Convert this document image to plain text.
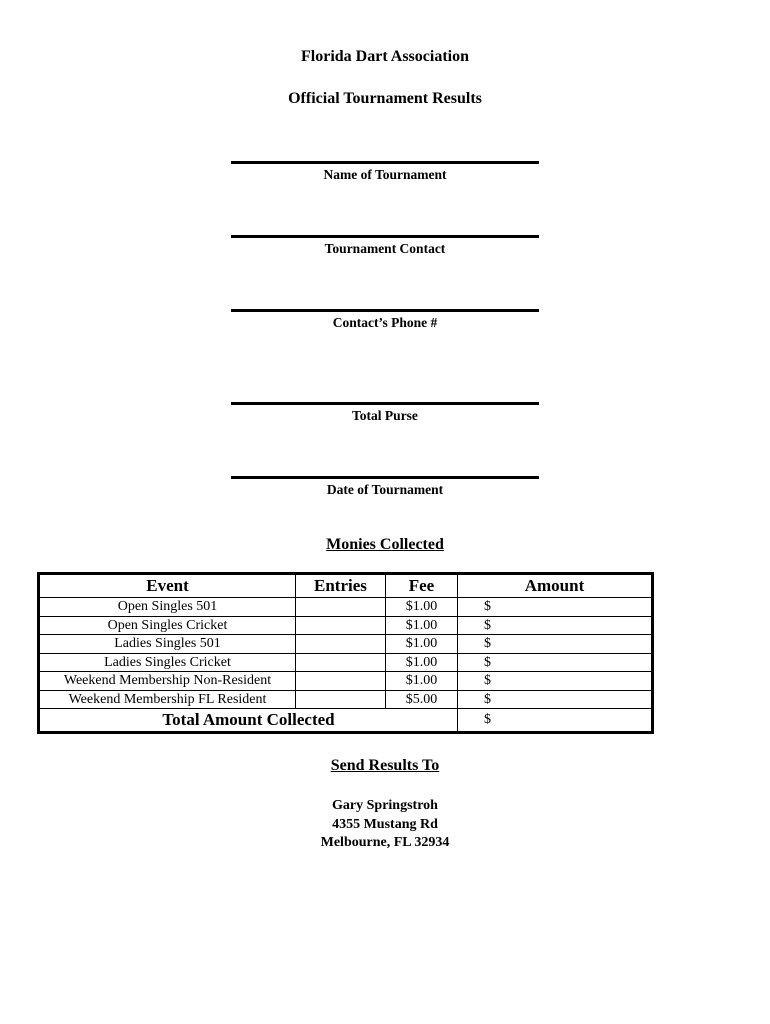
Florida Dart Association
Official Tournament Results
Name of Tournament
Tournament Contact
Contact’s Phone #
Total Purse
Date of Tournament
Monies Collected
Event	Entries	Fee	Amount
Open Singles 501		$1.00	$
Open Singles Cricket		$1.00	$
Ladies Singles 501		$1.00	$
Ladies Singles Cricket		$1.00	$
Weekend Membership Non-Resident		$1.00	$
Weekend Membership FL Resident		$5.00	$
Total Amount Collected			$
Send Results To
Gary Springstroh
4355 Mustang Rd
Melbourne, FL 32934
